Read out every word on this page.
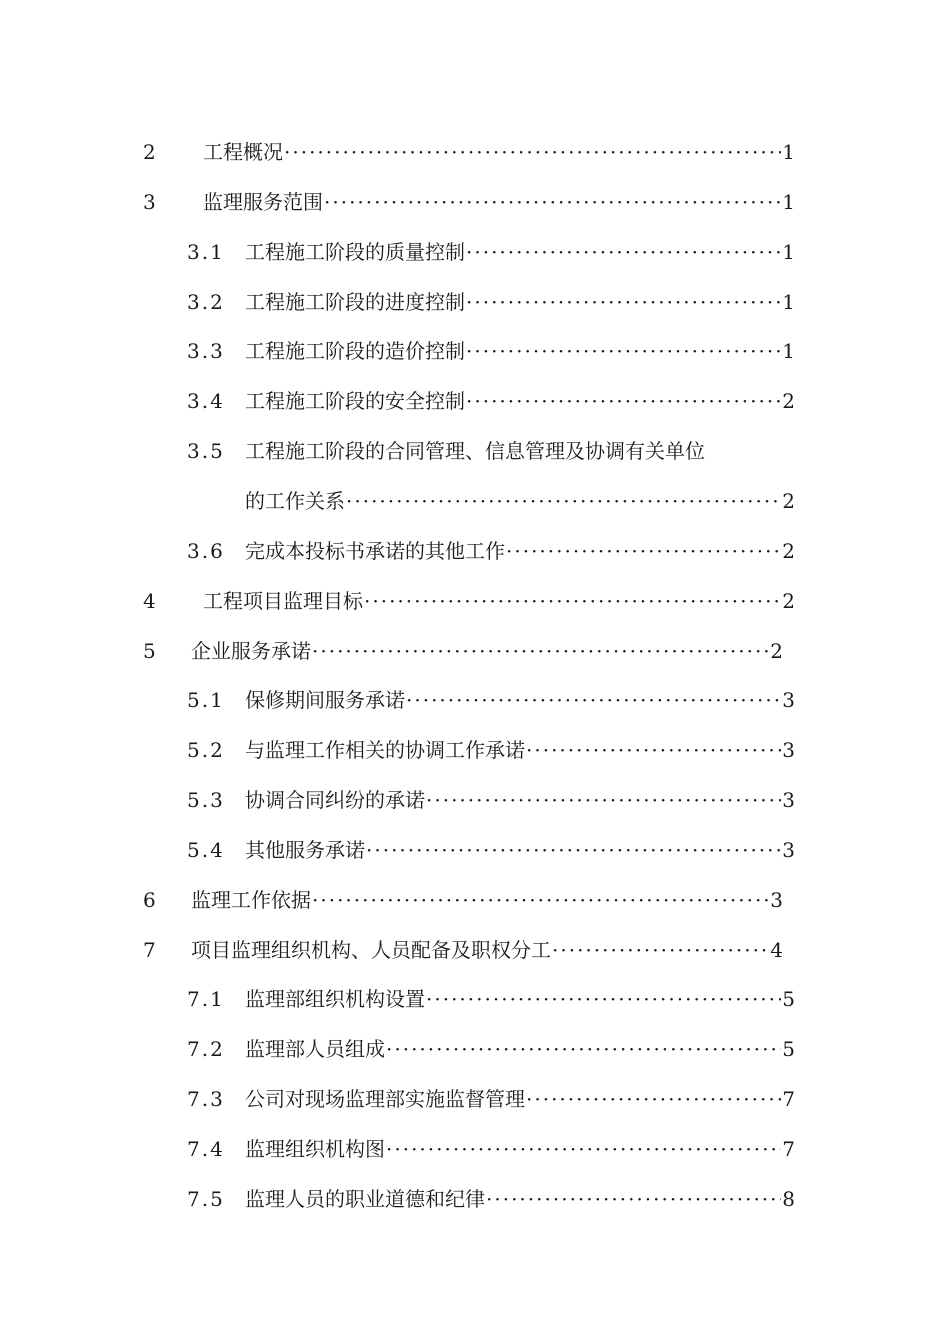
2 工程概况 ·····	1
3 监理服务范围 ·····	1
3.1 工程施工阶段的质量控制 ·····	1
3.2 工程施工阶段的进度控制 ·····	1
3.3 工程施工阶段的造价控制 ·····	1
3.4 工程施工阶段的安全控制 ·····	2
3.5 工程施工阶段的合同管理、信息管理及协调有关单位
的工作关系 ·····	2
3.6 完成本投标书承诺的其他工作 ·····	2
4 工程项目监理目标 ·····	2
5 企业服务承诺 ·····	2
5.1 保修期间服务承诺 ·····	3
5.2 与监理工作相关的协调工作承诺 ·····	3
5.3 协调合同纠纷的承诺 ·····	3
5.4 其他服务承诺 ·····	3
6 监理工作依据 ·····	3
7 项目监理组织机构、人员配备及职权分工 ·····	4
7.1 监理部组织机构设置 ·····	5
7.2 监理部人员组成 ·····	5
7.3 公司对现场监理部实施监督管理 ·····	7
7.4 监理组织机构图 ·····	7
7.5 监理人员的职业道德和纪律 ·····	8
